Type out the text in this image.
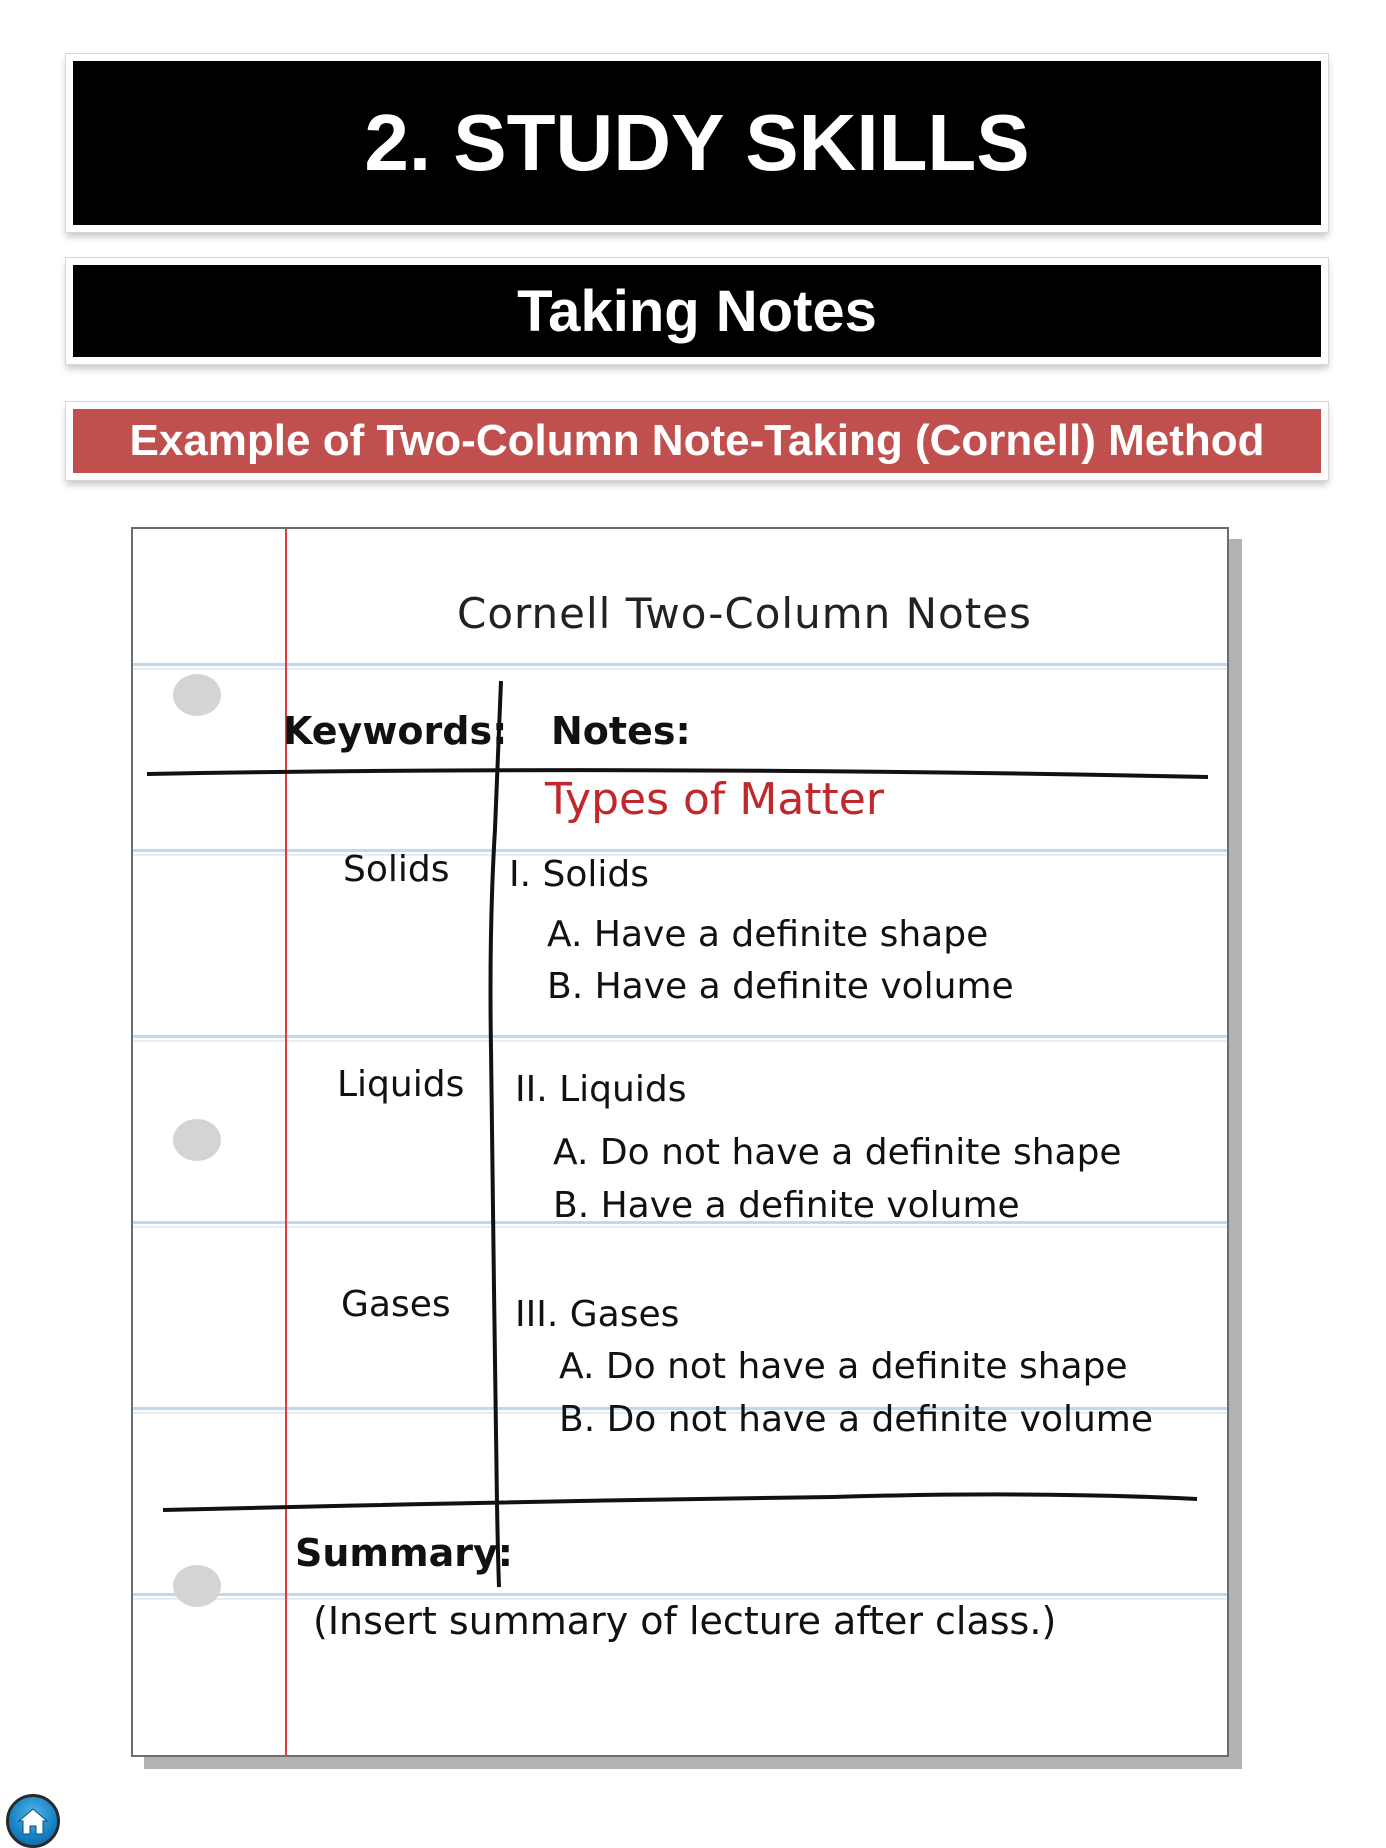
2. STUDY SKILLS
Taking Notes
Example of Two-Column Note-Taking (Cornell) Method
Cornell Two-Column Notes
Keywords: Notes:
Types of Matter
Solids
Liquids
Gases
I. Solids
A. Have a definite shape
B. Have a definite volume
II. Liquids
A. Do not have a definite shape
B. Have a definite volume
III. Gases
A. Do not have a definite shape
B. Do not have a definite volume
Summary:
(Insert summary of lecture after class.)
